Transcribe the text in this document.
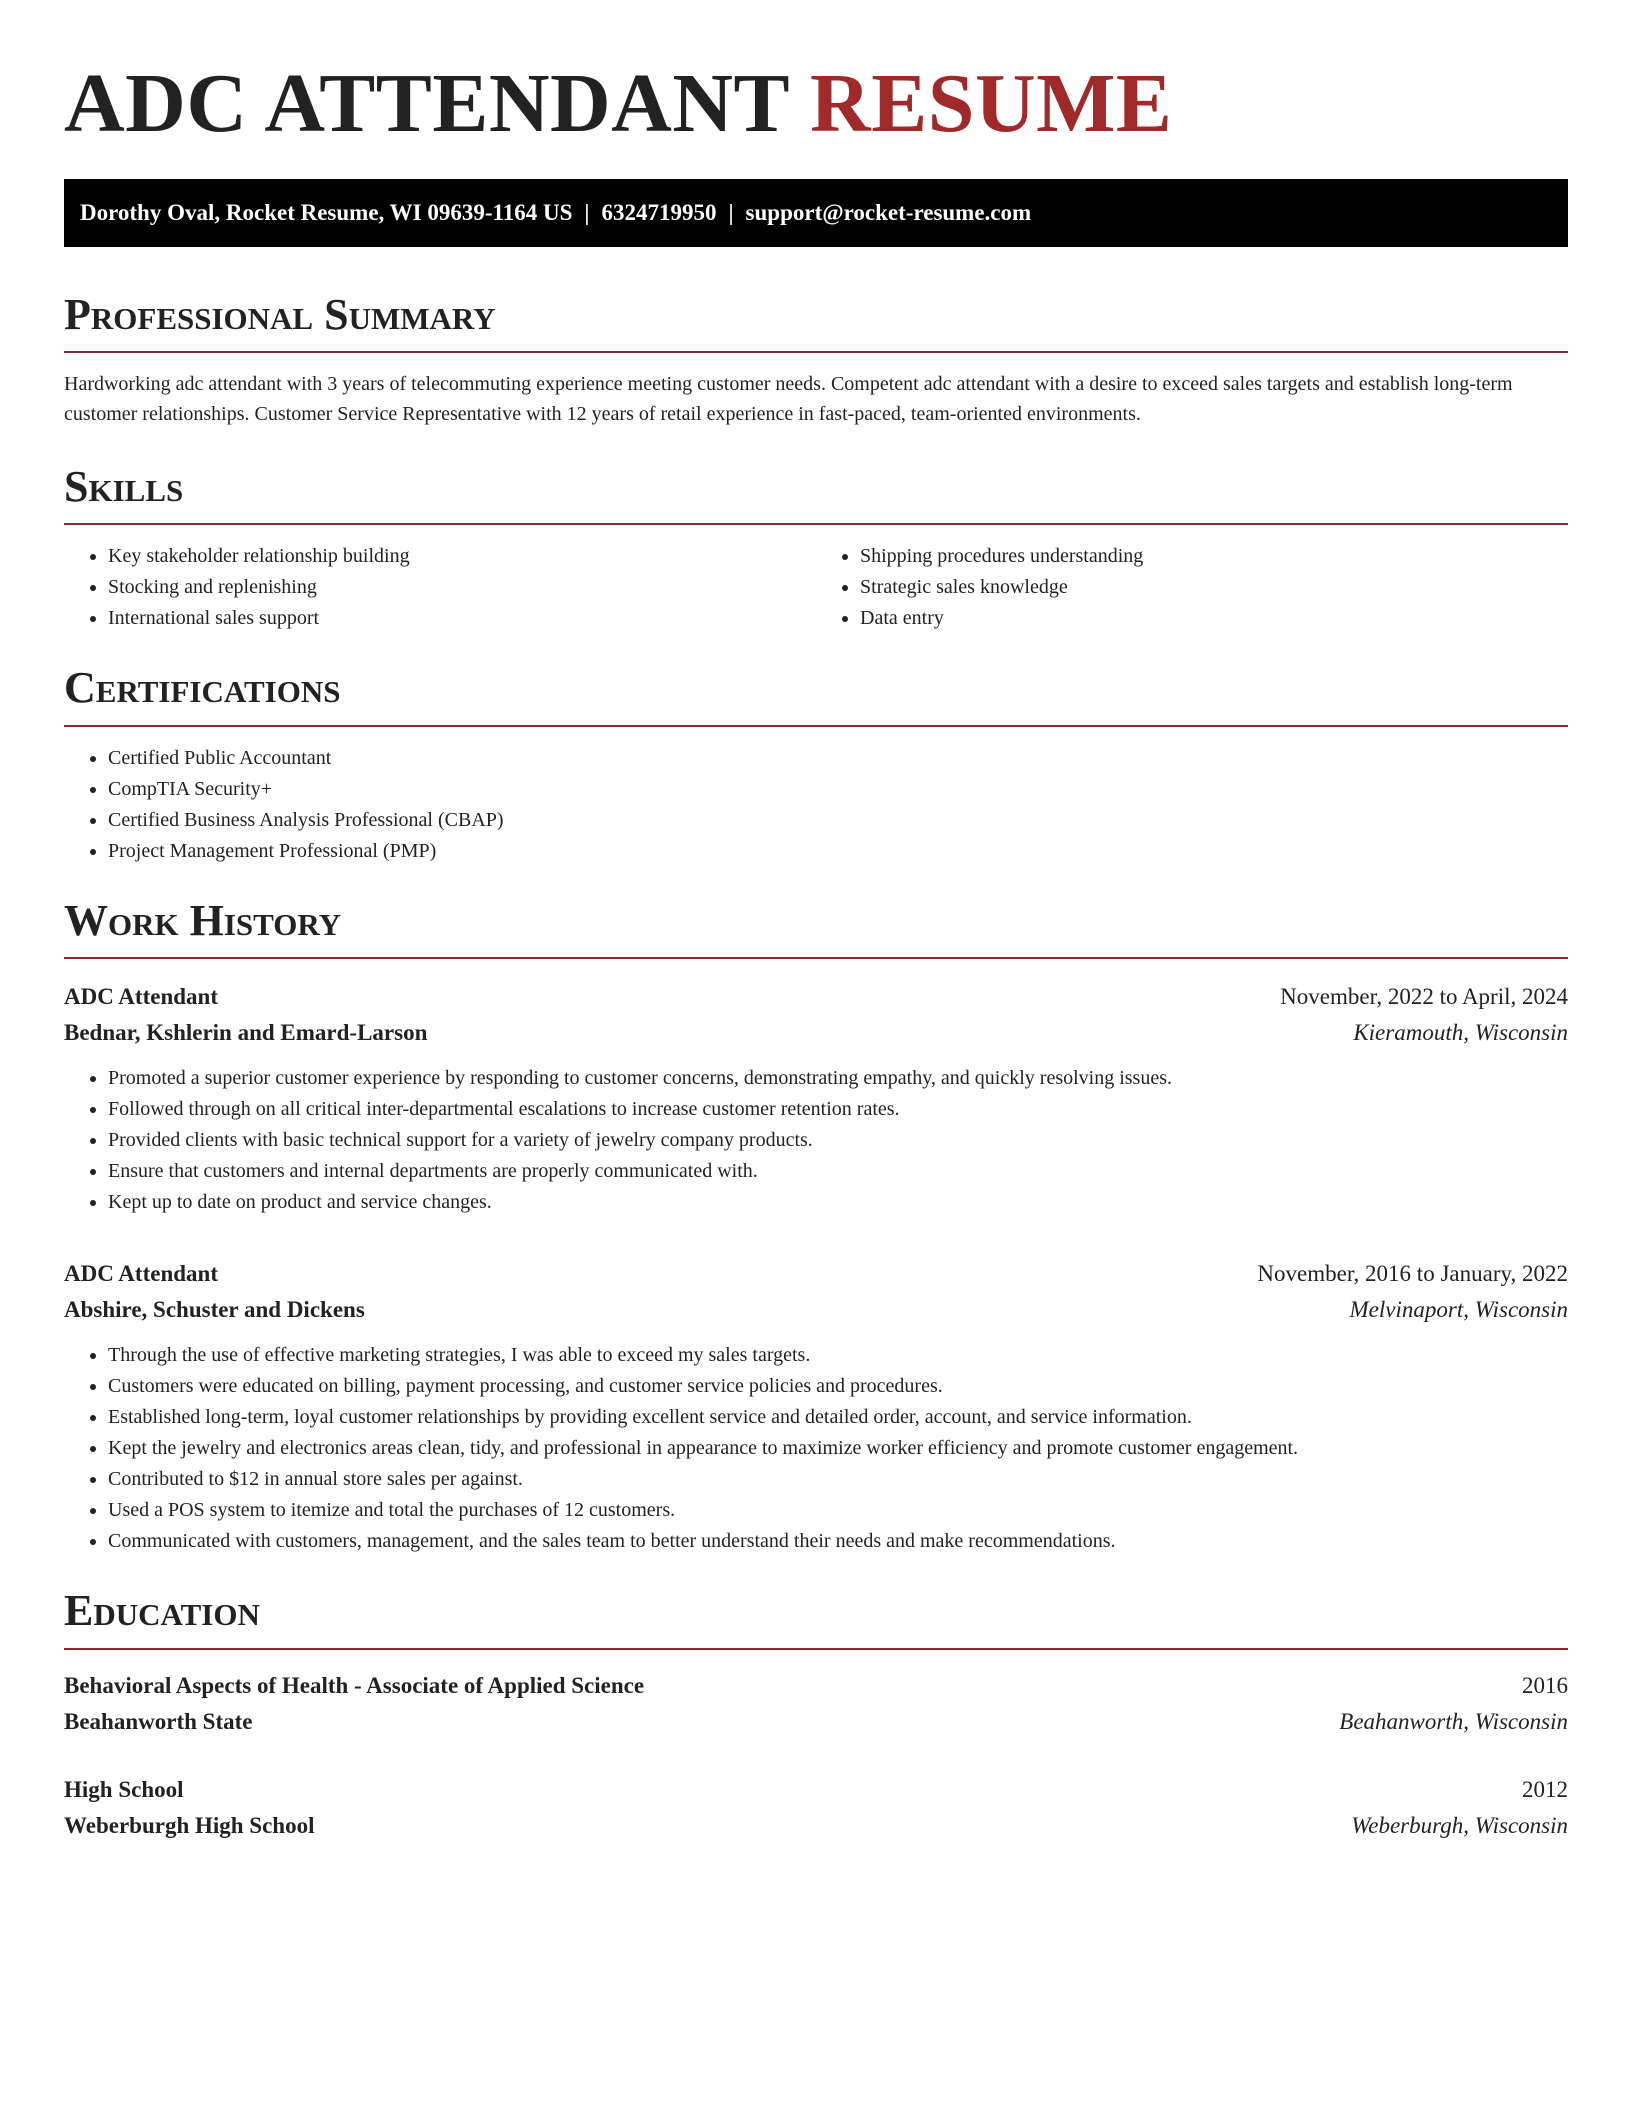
ADC ATTENDANT RESUME
Dorothy Oval, Rocket Resume, WI 09639-1164 US | 6324719950 | support@rocket-resume.com
Professional Summary

Hardworking adc attendant with 3 years of telecommuting experience meeting customer needs. Competent adc attendant with a desire to exceed sales targets and establish long-term customer relationships. Customer Service Representative with 12 years of retail experience in fast-paced, team-oriented environments.

Skills
• Key stakeholder relationship building
• Stocking and replenishing
• International sales support
• Shipping procedures understanding
• Strategic sales knowledge
• Data entry
Certifications
• Certified Public Accountant
• CompTIA Security+
• Certified Business Analysis Professional (CBAP)
• Project Management Professional (PMP)
Work History
ADC Attendant	November, 2022 to April, 2024
Bednar, Kshlerin and Emard-Larson	Kieramouth, Wisconsin
• Promoted a superior customer experience by responding to customer concerns, demonstrating empathy, and quickly resolving issues.
• Followed through on all critical inter-departmental escalations to increase customer retention rates.
• Provided clients with basic technical support for a variety of jewelry company products.
• Ensure that customers and internal departments are properly communicated with.
• Kept up to date on product and service changes.
ADC Attendant	November, 2016 to January, 2022
Abshire, Schuster and Dickens	Melvinaport, Wisconsin
• Through the use of effective marketing strategies, I was able to exceed my sales targets.
• Customers were educated on billing, payment processing, and customer service policies and procedures.
• Established long-term, loyal customer relationships by providing excellent service and detailed order, account, and service information.
• Kept the jewelry and electronics areas clean, tidy, and professional in appearance to maximize worker efficiency and promote customer engagement.
• Contributed to $12 in annual store sales per against.
• Used a POS system to itemize and total the purchases of 12 customers.
• Communicated with customers, management, and the sales team to better understand their needs and make recommendations.
Education
Behavioral Aspects of Health - Associate of Applied Science	2016
Beahanworth State	Beahanworth, Wisconsin
High School	2012
Weberburgh High School	Weberburgh, Wisconsin
